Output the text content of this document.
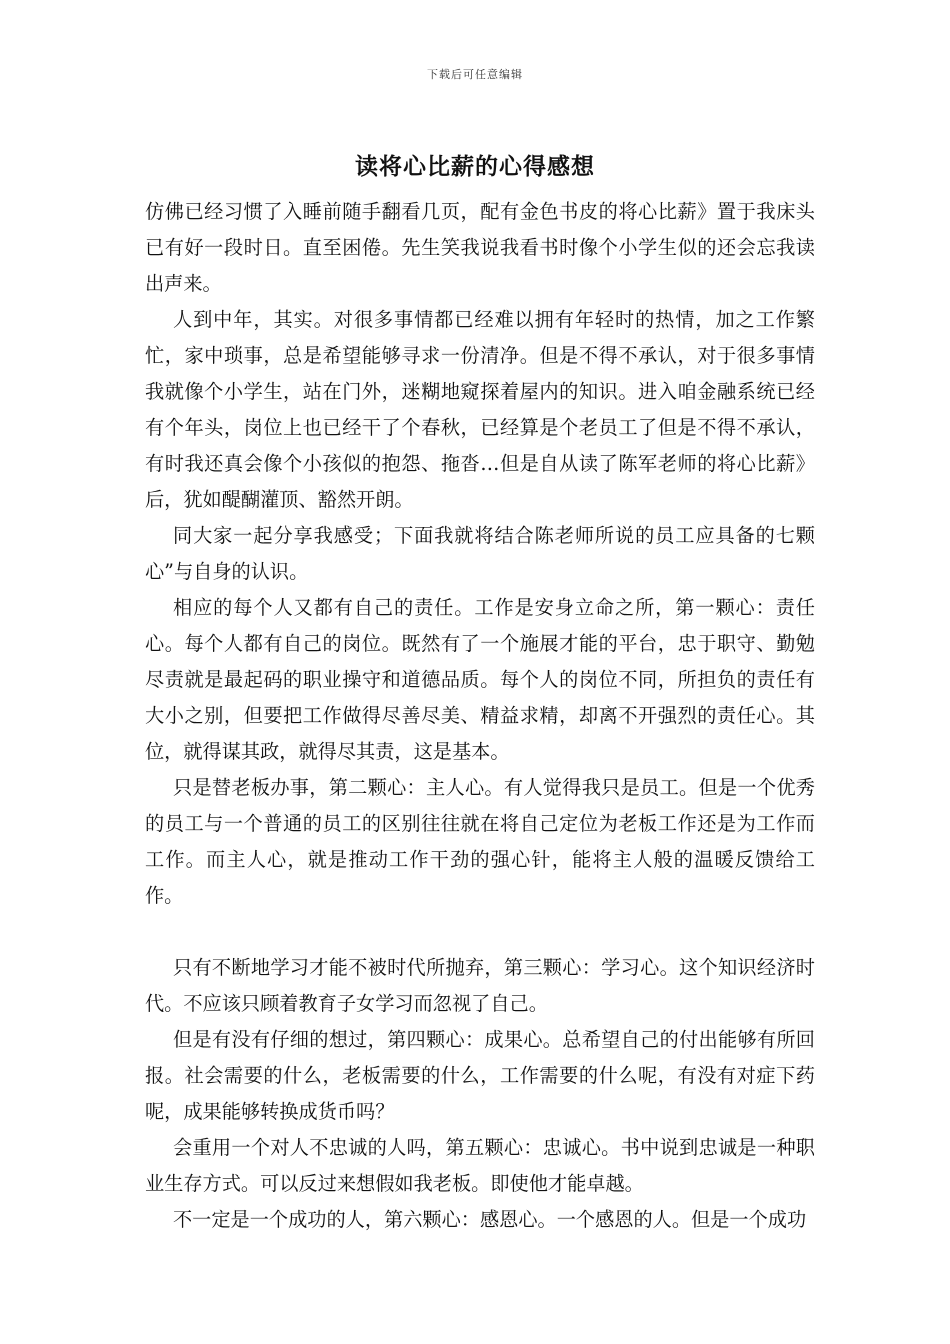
下载后可任意编辑
读将心比薪的心得感想

仿佛已经习惯了入睡前随手翻看几页，配有金色书皮的将心比薪》置于我床头已有好一段时日。直至困倦。先生笑我说我看书时像个小学生似的还会忘我读出声来。

人到中年，其实。对很多事情都已经难以拥有年轻时的热情，加之工作繁忙，家中琐事，总是希望能够寻求一份清净。但是不得不承认，对于很多事情我就像个小学生，站在门外，迷糊地窥探着屋内的知识。进入咱金融系统已经有个年头，岗位上也已经干了个春秋，已经算是个老员工了但是不得不承认，有时我还真会像个小孩似的抱怨、拖沓…但是自从读了陈军老师的将心比薪》后，犹如醍醐灌顶、豁然开朗。

同大家一起分享我感受；下面我就将结合陈老师所说的员工应具备的七颗心”与自身的认识。

相应的每个人又都有自己的责任。工作是安身立命之所，第一颗心：责任心。每个人都有自己的岗位。既然有了一个施展才能的平台，忠于职守、勤勉尽责就是最起码的职业操守和道德品质。每个人的岗位不同，所担负的责任有大小之别，但要把工作做得尽善尽美、精益求精，却离不开强烈的责任心。其位，就得谋其政，就得尽其责，这是基本。

只是替老板办事，第二颗心：主人心。有人觉得我只是员工。但是一个优秀的员工与一个普通的员工的区别往往就在将自己定位为老板工作还是为工作而工作。而主人心，就是推动工作干劲的强心针，能将主人般的温暖反馈给工作。

只有不断地学习才能不被时代所抛弃，第三颗心：学习心。这个知识经济时代。不应该只顾着教育子女学习而忽视了自己。

但是有没有仔细的想过，第四颗心：成果心。总希望自己的付出能够有所回报。社会需要的什么，老板需要的什么，工作需要的什么呢，有没有对症下药呢，成果能够转换成货币吗？

会重用一个对人不忠诚的人吗，第五颗心：忠诚心。书中说到忠诚是一种职业生存方式。可以反过来想假如我老板。即使他才能卓越。

不一定是一个成功的人，第六颗心：感恩心。一个感恩的人。但是一个成功
